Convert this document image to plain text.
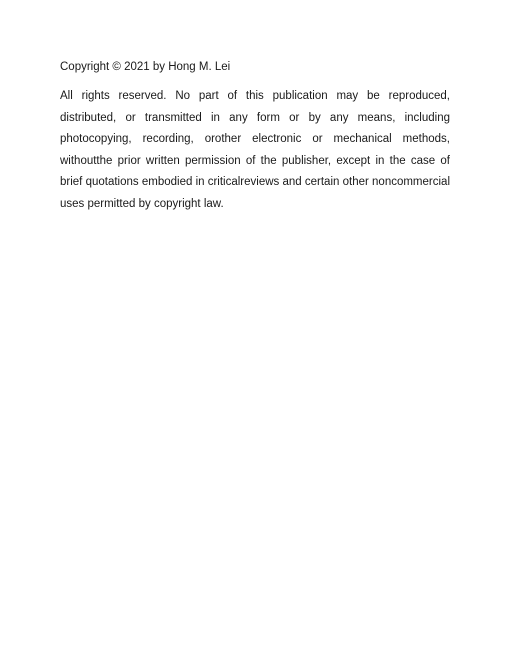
Copyright © 2021 by Hong M. Lei

All rights reserved. No part of this publication may be reproduced, distributed, or transmitted in any form or by any means, including photocopying, recording, orother electronic or mechanical methods, withoutthe prior written permission of the publisher, except in the case of brief quotations embodied in criticalreviews and certain other noncommercial uses permitted by copyright law.
